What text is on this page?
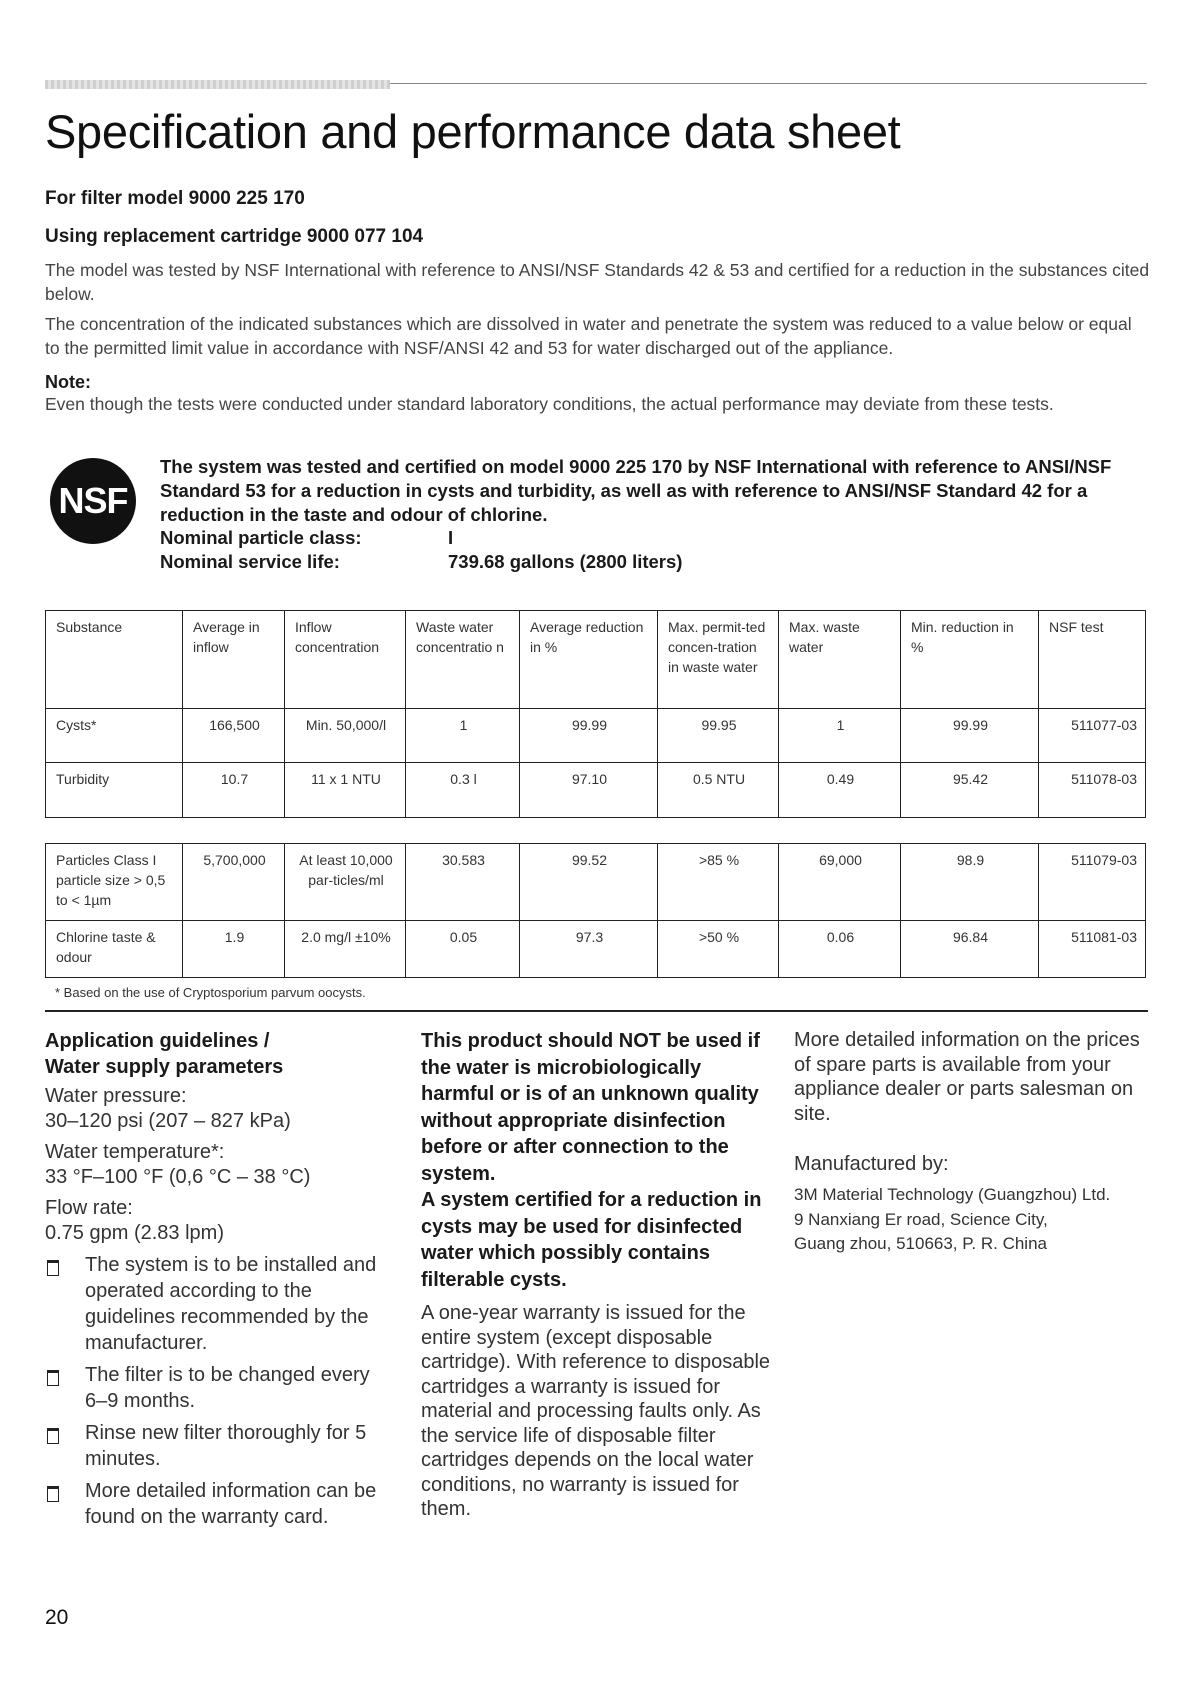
Specification and performance data sheet

For filter model 9000 225 170

Using replacement cartridge 9000 077 104

The model was tested by NSF International with reference to ANSI/NSF Standards 42 & 53 and certified for a reduction in the substances cited below.

The concentration of the indicated substances which are dissolved in water and penetrate the system was reduced to a value below or equal to the permitted limit value in accordance with NSF/ANSI 42 and 53 for water discharged out of the appliance.

Note:

Even though the tests were conducted under standard laboratory conditions, the actual performance may deviate from these tests.

NSF

The system was tested and certified on model 9000 225 170 by NSF International with reference to ANSI/NSF Standard 53 for a reduction in cysts and turbidity, as well as with reference to ANSI/NSF Standard 42 for a reduction in the taste and odour of chlorine.

Nominal particle class:	I
Nominal service life:	739.68 gallons (2800 liters)
Substance	Average in inflow	Inflow concentration	Waste water concentratio n	Average reduction in %	Max. permit-ted concen-tration in waste water	Max. waste water	Min. reduction in %	NSF test
Cysts*	166,500	Min. 50,000/l	1	99.99	99.95	1	99.99	511077-03
Turbidity	10.7	11 x 1 NTU	0.3 l	97.10	0.5 NTU	0.49	95.42	511078-03
Particles Class I particle size > 0,5 to < 1µm	5,700,000	At least 10,000 par-ticles/ml	30.583	99.52	>85 %	69,000	98.9	511079-03
Chlorine taste & odour	1.9	2.0 mg/l ±10%	0.05	97.3	>50 %	0.06	96.84	511081-03
* Based on the use of Cryptosporium parvum oocysts.

Application guidelines /

Water supply parameters

Water pressure:

30–120 psi (207 – 827 kPa)

Water temperature*:

33 °F–100 °F (0,6 °C – 38 °C)

Flow rate:

0.75 gpm (2.83 lpm)

The system is to be installed and operated according to the guidelines recommended by the manufacturer.

The filter is to be changed every 6–9 months.

Rinse new filter thoroughly for 5 minutes.

More detailed information can be found on the warranty card.

This product should NOT be used if the water is microbiologically harmful or is of an unknown quality without appropriate disinfection before or after connection to the system.

A system certified for a reduction in cysts may be used for disinfected water which possibly contains filterable cysts.

A one-year warranty is issued for the entire system (except disposable cartridge). With reference to disposable cartridges a warranty is issued for material and processing faults only. As the service life of disposable filter cartridges depends on the local water conditions, no warranty is issued for them.

More detailed information on the prices of spare parts is available from your appliance dealer or parts salesman on site.

Manufactured by:

3M Material Technology (Guangzhou) Ltd.

9 Nanxiang Er road, Science City,

Guang zhou, 510663, P. R. China

20
